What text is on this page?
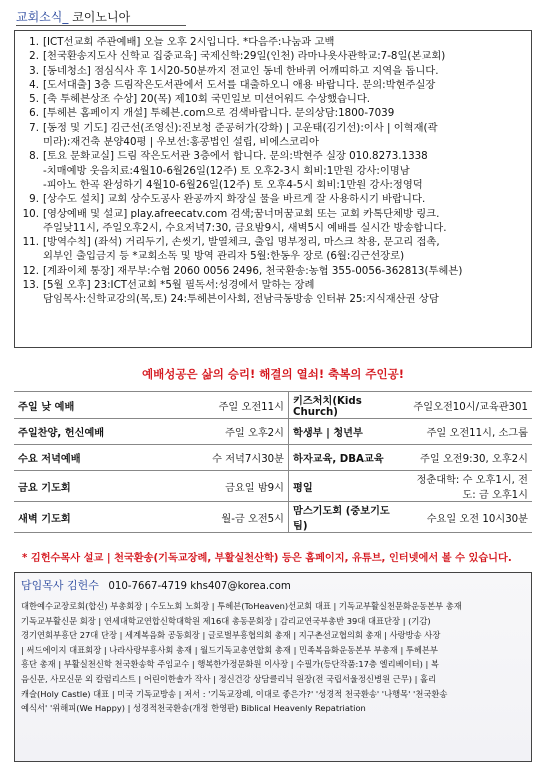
교회소식_ 코이노니아
1. [ICT선교회 주관예배] 오늘 오후 2시입니다. *다음주:나눔과 고백
2. [천국환송지도사 신학교 집중교육] 국제신학:29일(인천) 라마나욧사관학교:7-8일(본교회)
3. [동네청소] 점심식사 후 1시20-50분까지 전교인 동네 한바퀴 어깨띠하고 지역을 돕니다.
4. [도서대출] 3층 드림작은도서관에서 도서를 대출하오니 애용 바랍니다. 문의:박현주실장
5. [축 투헤븐상조 수상] 20(목) 제10회 국민일보 미션어워드 수상했습니다.
6. [투헤븐 홈페이지 개설] 투헤븐.com으로 검색바랍니다. 문의상담:1800-7039
7. [동정 및 기도] 김근선(조영신):진보청 준공허가(강화) | 고운태(김기선):이사 | 이혁재(곽
미라):재건축 분양40평 | 우보선:홍콩법인 설립, 비에스코리아
8. [토요 문화교실] 드림 작은도서관 3층에서 합니다. 문의:박현주 실장 010.8273.1338
-치매예방 웃음치료:4월10-6월26일(12주) 토 오후2-3시 회비:1만원 강사:이명남
-피아노 한곡 완성하기 4월10-6월26일(12주) 토 오후4-5시 회비:1만원 강사:정영덕
9. [상수도 설치] 교회 상수도공사 완공까지 화장실 물을 바르게 잘 사용하시기 바랍니다.
10. [영상예배 및 설교] play.afreecatv.com 검색;꿈너머꿈교회 또는 교회 카톡단체방 링크.
주일낮11시, 주일오후2시, 수요저녁7:30, 금요밤9시, 새벽5시 예배를 실시간 방송합니다.
11. [방역수칙] (좌석) 거리두기, 손씻기, 발열체크, 출입 명부정리, 마스크 착용, 문고리 접촉,
외부인 출입금지 등 *교회소독 및 방역 관리자 5월:한동우 장로 (6월:김근선장로)
12. [계좌이체 통장] 재무부:수협 2060 0056 2496, 천국환송:농협 355-0056-362813(투헤븐)
13. [5월 오후] 23:ICT선교회 *5월 필독서:성경에서 말하는 장례
담임목사:신학교강의(목,토) 24:투헤븐이사회, 전남극동방송 인터뷰 25:지식재산권 상담
예배성공은 삶의 승리! 해결의 열쇠! 축복의 주인공!
주일 낮 예배	주일 오전11시	키즈처치(Kids Church)	주일오전10시/교육관301
주일찬양, 헌신예배	주일 오후2시	학생부 | 청년부	주일 오전11시, 소그룹
수요 저녁예배	수 저녁7시30분	하자교육, DBA교육	주일 오전9:30, 오후2시
금요 기도회	금요일 밤9시	평일	정춘대학: 수 오후1시, 전도: 금 오후1시
새벽 기도회	월-금 오전5시	맘스기도회 (중보기도팀)	수요일 오전 10시30분
* 김헌수목사 설교 | 천국환송(기독교장례, 부활실천산학) 등은 홈페이지, 유튜브, 인터넷에서 볼 수 있습니다.
담임목사 김헌수 010-7667-4719 khs407@korea.com
대한예수교장로회(합신) 부총회장 | 수도노회 노회장 | 투헤븐(ToHeaven)선교회 대표 | 기독교부활실천문화운동본부 총재
기독교부활신문 회장 | 연세대학교연합신학대학원 제16대 총동문회장 | 감리교연국부총반 39대 대표단장 | (기감)
경기연회부흥단 27대 단장 | 세계복음화 공동회장 | 글로벌부흥협의회 총재 | 지구촌선교협의회 총재 | 사랑방송 사장
| 써드에이지 대표회장 | 나라사랑부흥사회 총재 | 월드기독교총연합회 총재 | 민족복음화운동본부 부총재 | 투헤븐부
흥단 총재 | 부활실천신학 천국환송학 주임교수 | 행복한가정문화원 이사장 | 수필가(등단작품:17층 엘리베이터) | 복
음신문, 사모신문 외 칼럼리스트 | 어린이한솔가 작사 | 정신건강 상담클리닉 원장(전 국립서울정신병원 근무) | 홀리
캐슬(Holy Castle) 대표 | 미국 기독교방송 | 저서 : '기독교장례, 이대로 좋은가?' '성경적 천국환송' '나행목' '천국환송
예식서' '위해피(We Happy) | 성경적천국환송(개정 한영판) Biblical Heavenly Repatriation
